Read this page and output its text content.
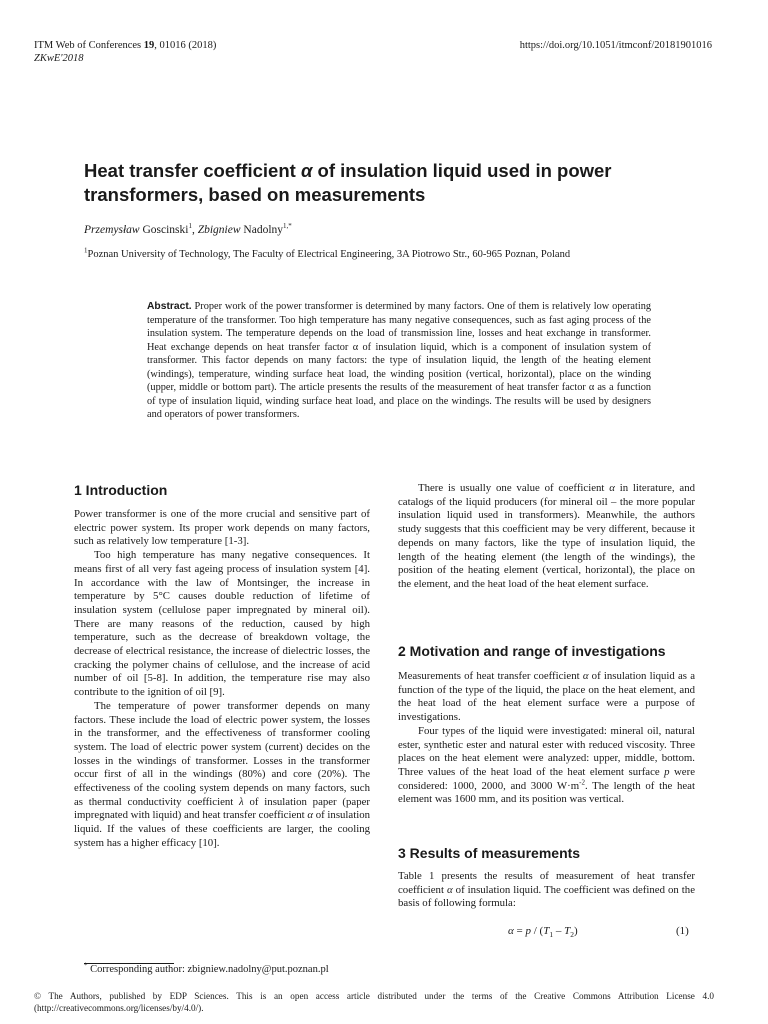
ITM Web of Conferences 19, 01016 (2018)
ZKwE'2018
https://doi.org/10.1051/itmconf/20181901016
Heat transfer coefficient α of insulation liquid used in power transformers, based on measurements
Przemysław Goscinski$^1$, Zbigniew Nadolny$^{1,*}$
$^1$Poznan University of Technology, The Faculty of Electrical Engineering, 3A Piotrowo Str., 60-965 Poznan, Poland
Abstract. Proper work of the power transformer is determined by many factors. One of them is relatively low operating temperature of the transformer. Too high temperature has many negative consequences, such as fast aging process of the insulation system. The temperature depends on the load of transmission line, losses and heat exchange in transformer. Heat exchange depends on heat transfer factor α of insulation liquid, which is a component of insulation system of transformer. This factor depends on many factors: the type of insulation liquid, the length of the heating element (windings), temperature, winding surface heat load, the winding position (vertical, horizontal), place on the winding (upper, middle or bottom part). The article presents the results of the measurement of heat transfer factor α as a function of type of insulation liquid, winding surface heat load, and place on the windings. The results will be used by designers and operators of power transformers.
1 Introduction

Power transformer is one of the more crucial and sensitive part of electric power system. Its proper work depends on many factors, such as relatively low temperature [1-3].

Too high temperature has many negative consequences. It means first of all very fast ageing process of insulation system [4]. In accordance with the law of Montsinger, the increase in temperature by 5°C causes double reduction of lifetime of insulation system (cellulose paper impregnated by mineral oil). There are many reasons of the reduction, caused by high temperature, such as the decrease of breakdown voltage, the decrease of electrical resistance, the increase of dielectric losses, the cracking the polymer chains of cellulose, and the increase of acid number of oil [5-8]. In addition, the temperature rise may also contribute to the ignition of oil [9].

The temperature of power transformer depends on many factors. These include the load of electric power system, the losses in the transformer, and the effectiveness of transformer cooling system. The load of electric power system (current) decides on the losses in the windings of transformer. Losses in the transformer occur first of all in the windings (80%) and core (20%). The effectiveness of the cooling system depends on many factors, such as thermal conductivity coefficient λ of insulation paper (paper impregnated with liquid) and heat transfer coefficient α of insulation liquid. If the values of these coefficients are larger, the cooling system has a higher efficacy [10].

There is usually one value of coefficient α in literature, and catalogs of the liquid producers (for mineral oil – the more popular insulation liquid used in transformers). Meanwhile, the authors study suggests that this coefficient may be very different, because it depends on many factors, like the type of insulation liquid, the length of the heating element (the length of the windings), the position of the heating element (vertical, horizontal), the place on the element, and the heat load of the heat element surface.

2 Motivation and range of investigations

Measurements of heat transfer coefficient α of insulation liquid as a function of the type of the liquid, the place on the heat element, and the heat load of the heat element surface were a purpose of investigations.

Four types of the liquid were investigated: mineral oil, natural ester, synthetic ester and natural ester with reduced viscosity. Three places on the heat element were analyzed: upper, middle, bottom. Three values of the heat load of the heat element surface p were considered: 1000, 2000, and 3000 $W\cdot m^{-2}$. The length of the heat element was 1600 mm, and its position was vertical.

3 Results of measurements

Table 1 presents the results of measurement of heat transfer coefficient α of insulation liquid. The coefficient was defined on the basis of following formula:

$\alpha = p / (T_1 - T_2)$	(1)
* Corresponding author: zbigniew.nadolny@put.poznan.pl
© The Authors, published by EDP Sciences. This is an open access article distributed under the terms of the Creative Commons Attribution License 4.0 (http://creativecommons.org/licenses/by/4.0/).
